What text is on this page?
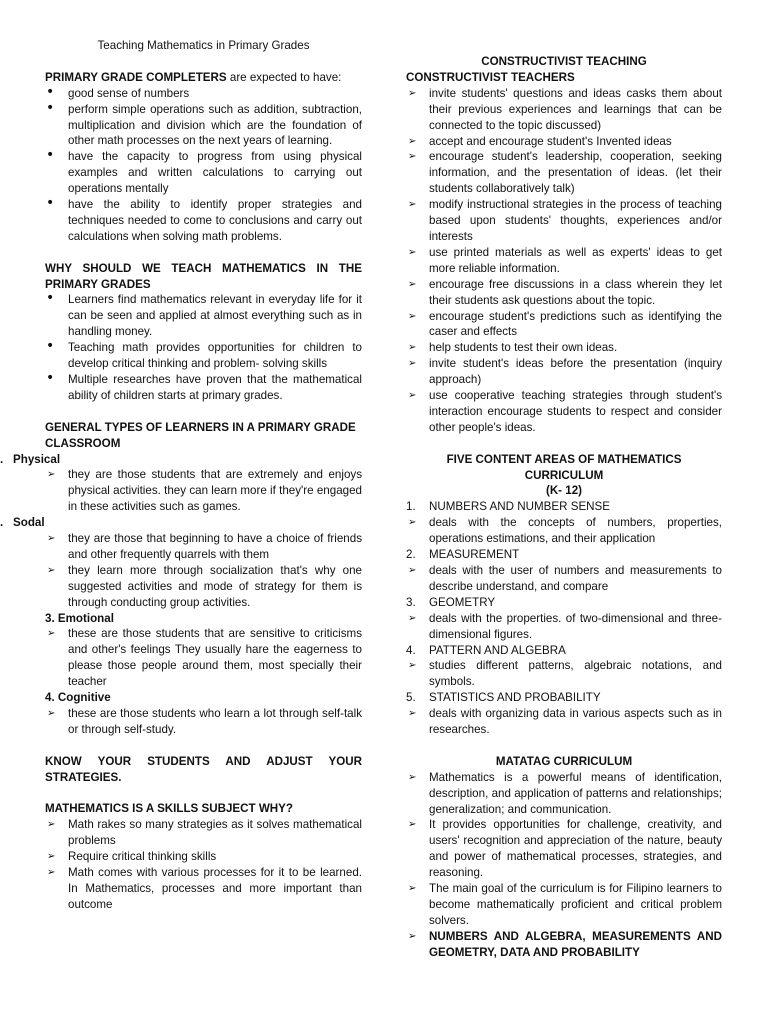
Teaching Mathematics in Primary Grades
PRIMARY GRADE COMPLETERS are expected to have:
•	good sense of numbers
•	perform simple operations such as addition, subtraction, multiplication and division which are the foundation of other math processes on the next years of learning.
•	have the capacity to progress from using physical examples and written calculations to carrying out operations mentally
•	have the ability to identify proper strategies and techniques needed to come to conclusions and carry out calculations when solving math problems.
WHY SHOULD WE TEACH MATHEMATICS IN THE PRIMARY GRADES
•	Learners find mathematics relevant in everyday life for it can be seen and applied at almost everything such as in handling money.
•	Teaching math provides opportunities for children to develop critical thinking and problem- solving skills
•	Multiple researches have proven that the mathematical ability of children starts at primary grades.
GENERAL TYPES OF LEARNERS IN A PRIMARY GRADE CLASSROOM
. Physical
➢	they are those students that are extremely and enjoys physical activities. they can learn more if they're engaged in these activities such as games.
. Sodal
➢	they are those that beginning to have a choice of friends and other frequently quarrels with them
➢	they learn more through socialization that's why one suggested activities and mode of strategy for them is through conducting group activities.
3. Emotional
➢	these are those students that are sensitive to criticisms and other's feelings They usually hare the eagerness to please those people around them, most specially their teacher
4. Cognitive
➢	these are those students who learn a lot through self-talk or through self-study.
KNOW YOUR STUDENTS AND ADJUST YOUR STRATEGIES.
MATHEMATICS IS A SKILLS SUBJECT WHY?
➢	Math rakes so many strategies as it solves mathematical problems
➢	Require critical thinking skills
➢	Math comes with various processes for it to be learned. In Mathematics, processes and more important than outcome
CONSTRUCTIVIST TEACHING
CONSTRUCTIVIST TEACHERS
➢	invite students' questions and ideas casks them about their previous experiences and learnings that can be connected to the topic discussed)
➢	accept and encourage student's Invented ideas
➢	encourage student's leadership, cooperation, seeking information, and the presentation of ideas. (let their students collaboratively talk)
➢	modify instructional strategies in the process of teaching based upon students' thoughts, experiences and/or interests
➢	use printed materials as well as experts' ideas to get more reliable information.
➢	encourage free discussions in a class wherein they let their students ask questions about the topic.
➢	encourage student's predictions such as identifying the caser and effects
➢	help students to test their own ideas.
➢	invite student's ideas before the presentation (inquiry approach)
➢	use cooperative teaching strategies through student's interaction encourage students to respect and consider other people's ideas.
FIVE CONTENT AREAS OF MATHEMATICS CURRICULUM
(K- 12)
1. NUMBERS AND NUMBER SENSE
➢	deals with the concepts of numbers, properties, operations estimations, and their application
2. MEASUREMENT
➢	deals with the user of numbers and measurements to describe understand, and compare
3. GEOMETRY
➢	deals with the properties. of two-dimensional and three-dimensional figures.
4. PATTERN AND ALGEBRA
➢	studies different patterns, algebraic notations, and symbols.
5. STATISTICS AND PROBABILITY
➢	deals with organizing data in various aspects such as in researches.
MATATAG CURRICULUM
➢	Mathematics is a powerful means of identification, description, and application of patterns and relationships; generalization; and communication.
➢	It provides opportunities for challenge, creativity, and users' recognition and appreciation of the nature, beauty and power of mathematical processes, strategies, and reasoning.
➢	The main goal of the curriculum is for Filipino learners to become mathematically proficient and critical problem solvers.
➢	NUMBERS AND ALGEBRA, MEASUREMENTS AND GEOMETRY, DATA AND PROBABILITY
